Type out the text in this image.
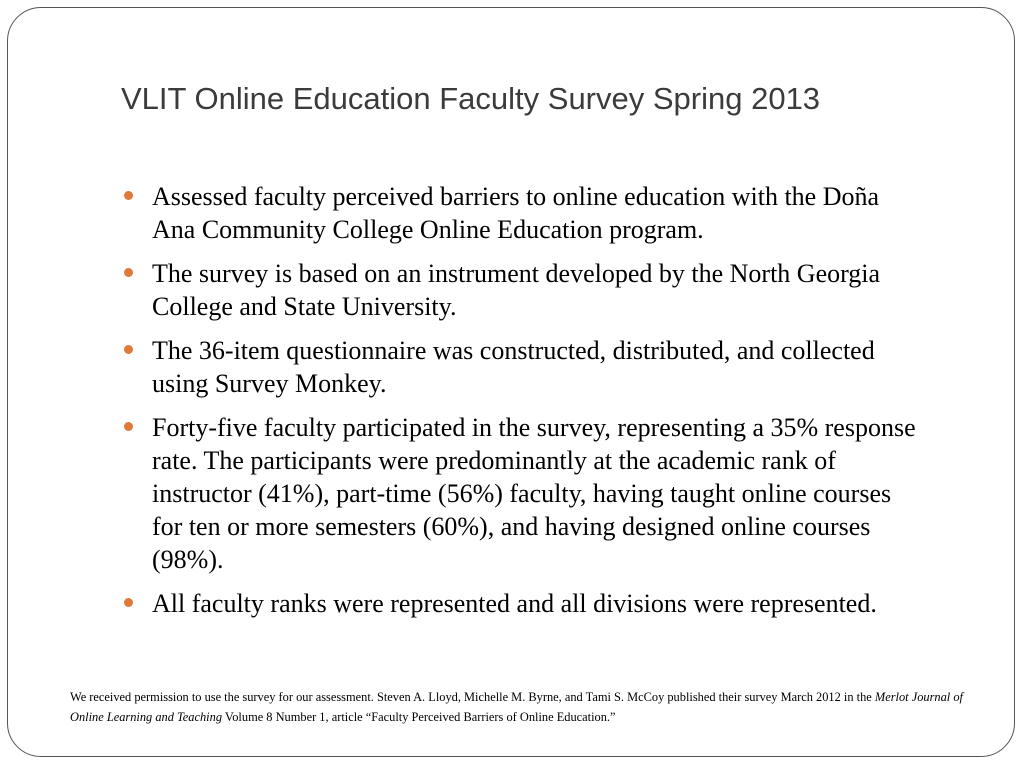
VLIT Online Education Faculty Survey Spring 2013
Assessed faculty perceived barriers to online education with the Doña Ana Community College Online Education program.
The survey is based on an instrument developed by the North Georgia College and State University.
The 36-item questionnaire was constructed, distributed, and collected using Survey Monkey.
Forty-five faculty participated in the survey, representing a 35% response rate. The participants were predominantly at the academic rank of instructor (41%), part-time (56%) faculty, having taught online courses for ten or more semesters (60%), and having designed online courses (98%).
All faculty ranks were represented and all divisions were represented.

We received permission to use the survey for our assessment. Steven A. Lloyd, Michelle M. Byrne, and Tami S. McCoy published their survey March 2012 in the Merlot Journal of Online Learning and Teaching Volume 8 Number 1, article “Faculty Perceived Barriers of Online Education.”
